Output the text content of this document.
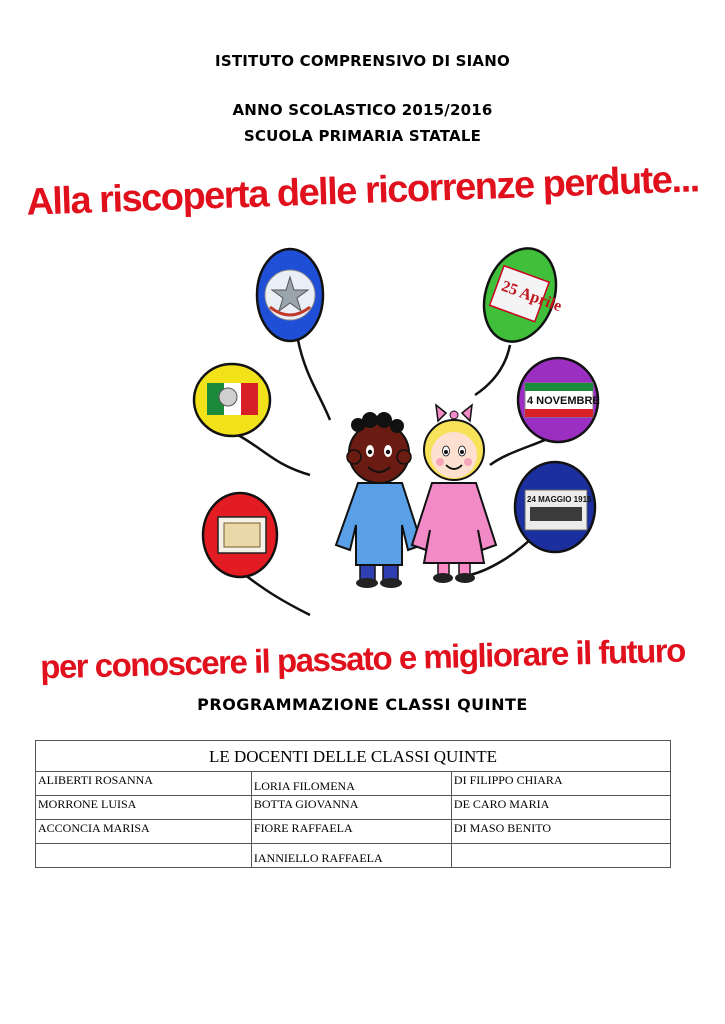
ISTITUTO COMPRENSIVO DI SIANO
ANNO SCOLASTICO 2015/2016
SCUOLA PRIMARIA STATALE
Alla riscoperta delle ricorrenze perdute...
25 Aprile
4 NOVEMBRE
24 MAGGIO 1915
per conoscere il passato e migliorare il futuro
PROGRAMMAZIONE CLASSI QUINTE
LE DOCENTI DELLE CLASSI QUINTE		
ALIBERTI ROSANNA	LORIA FILOMENA	DI FILIPPO CHIARA
MORRONE LUISA	BOTTA GIOVANNA	DE CARO MARIA
ACCONCIA MARISA	FIORE RAFFAELA	DI MASO BENITO
	IANNIELLO RAFFAELA	
